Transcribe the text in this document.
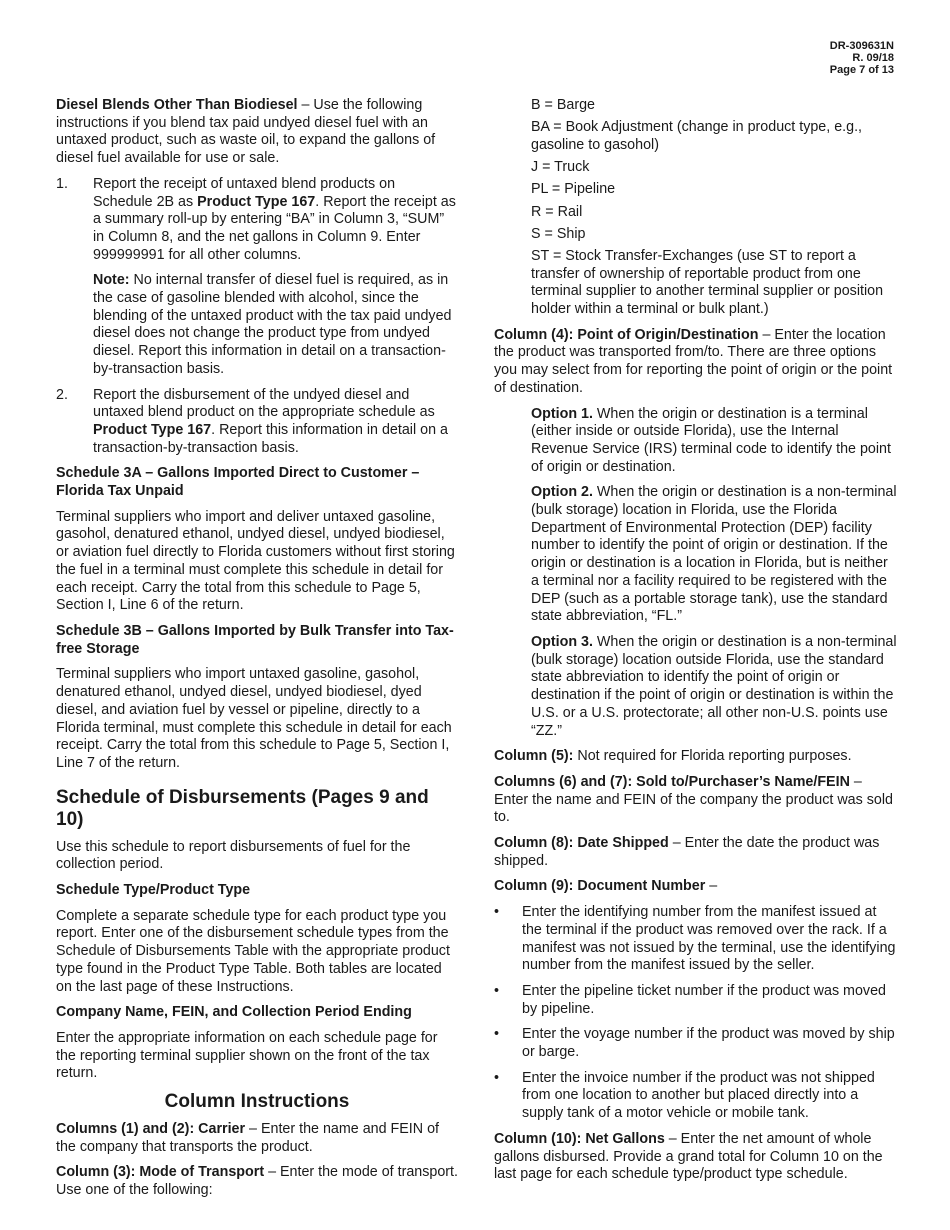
DR-309631N
R. 09/18
Page 7 of 13

Diesel Blends Other Than Biodiesel – Use the following instructions if you blend tax paid undyed diesel fuel with an untaxed product, such as waste oil, to expand the gallons of diesel fuel available for use or sale.

1. Report the receipt of untaxed blend products on Schedule 2B as Product Type 167. Report the receipt as a summary roll-up by entering “BA” in Column 3, “SUM” in Column 8, and the net gallons in Column 9. Enter 999999991 for all other columns.
Note: No internal transfer of diesel fuel is required, as in the case of gasoline blended with alcohol, since the blending of the untaxed product with the tax paid undyed diesel does not change the product type from undyed diesel. Report this information in detail on a transaction-by-transaction basis.
2. Report the disbursement of the undyed diesel and untaxed blend product on the appropriate schedule as Product Type 167. Report this information in detail on a transaction-by-transaction basis.

Schedule 3A – Gallons Imported Direct to Customer – Florida Tax Unpaid

Terminal suppliers who import and deliver untaxed gasoline, gasohol, denatured ethanol, undyed diesel, undyed biodiesel, or aviation fuel directly to Florida customers without first storing the fuel in a terminal must complete this schedule in detail for each receipt. Carry the total from this schedule to Page 5, Section I, Line 6 of the return.

Schedule 3B – Gallons Imported by Bulk Transfer into Tax-free Storage

Terminal suppliers who import untaxed gasoline, gasohol, denatured ethanol, undyed diesel, undyed biodiesel, dyed diesel, and aviation fuel by vessel or pipeline, directly to a Florida terminal, must complete this schedule in detail for each receipt. Carry the total from this schedule to Page 5, Section I, Line 7 of the return.

Schedule of Disbursements (Pages 9 and 10)

Use this schedule to report disbursements of fuel for the collection period.

Schedule Type/Product Type

Complete a separate schedule type for each product type you report. Enter one of the disbursement schedule types from the Schedule of Disbursements Table with the appropriate product type found in the Product Type Table. Both tables are located on the last page of these Instructions.

Company Name, FEIN, and Collection Period Ending

Enter the appropriate information on each schedule page for the reporting terminal supplier shown on the front of the tax return.

Column Instructions

Columns (1) and (2): Carrier – Enter the name and FEIN of the company that transports the product.

Column (3): Mode of Transport – Enter the mode of transport. Use one of the following:

B = Barge
BA = Book Adjustment (change in product type, e.g., gasoline to gasohol)
J = Truck
PL = Pipeline
R = Rail
S = Ship
ST = Stock Transfer-Exchanges (use ST to report a transfer of ownership of reportable product from one terminal supplier to another terminal supplier or position holder within a terminal or bulk plant.)

Column (4): Point of Origin/Destination – Enter the location the product was transported from/to. There are three options you may select from for reporting the point of origin or the point of destination.

Option 1. When the origin or destination is a terminal (either inside or outside Florida), use the Internal Revenue Service (IRS) terminal code to identify the point of origin or destination.
Option 2. When the origin or destination is a non-terminal (bulk storage) location in Florida, use the Florida Department of Environmental Protection (DEP) facility number to identify the point of origin or destination. If the origin or destination is a location in Florida, but is neither a terminal nor a facility required to be registered with the DEP (such as a portable storage tank), use the standard state abbreviation, “FL.”
Option 3. When the origin or destination is a non-terminal (bulk storage) location outside Florida, use the standard state abbreviation to identify the point of origin or destination if the point of origin or destination is within the U.S. or a U.S. protectorate; all other non-U.S. points use “ZZ.”

Column (5): Not required for Florida reporting purposes.

Columns (6) and (7): Sold to/Purchaser’s Name/FEIN – Enter the name and FEIN of the company the product was sold to.

Column (8): Date Shipped – Enter the date the product was shipped.

Column (9): Document Number –

• Enter the identifying number from the manifest issued at the terminal if the product was removed over the rack. If a manifest was not issued by the terminal, use the identifying number from the manifest issued by the seller.
• Enter the pipeline ticket number if the product was moved by pipeline.
• Enter the voyage number if the product was moved by ship or barge.
• Enter the invoice number if the product was not shipped from one location to another but placed directly into a supply tank of a motor vehicle or mobile tank.

Column (10): Net Gallons – Enter the net amount of whole gallons disbursed. Provide a grand total for Column 10 on the last page for each schedule type/product type schedule.
